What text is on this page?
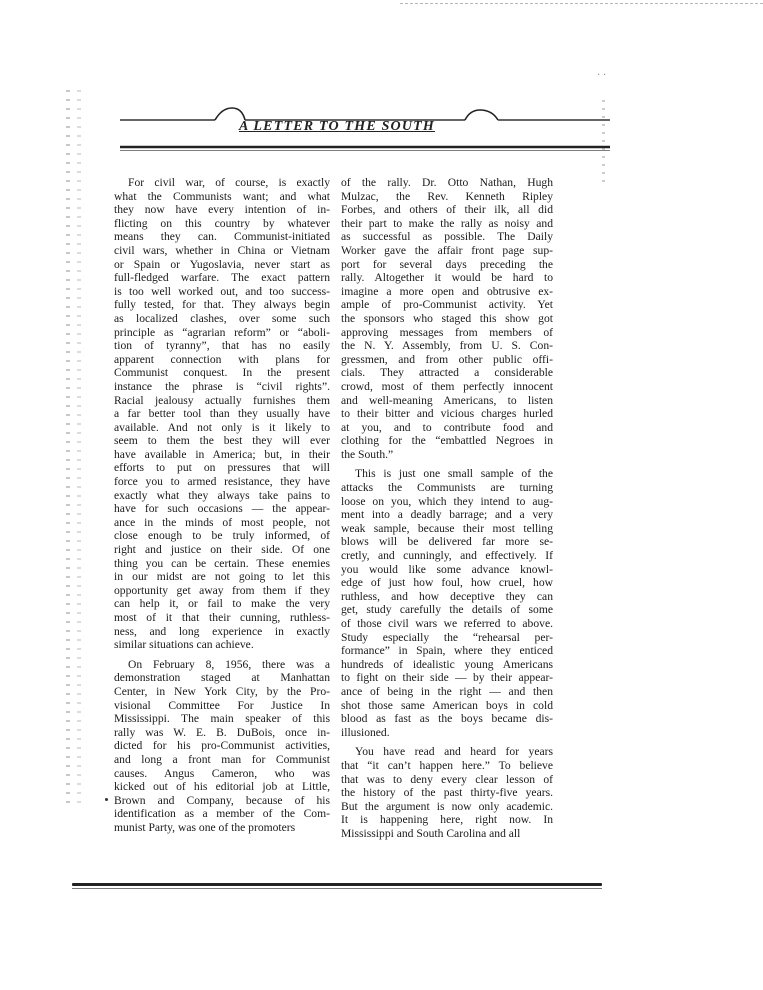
· ·
A LETTER TO THE SOUTH
For civil war, of course, is exactly
what the Communists want; and what
they now have every intention of in-
flicting on this country by whatever
means they can. Communist-initiated
civil wars, whether in China or Vietnam
or Spain or Yugoslavia, never start as
full-fledged warfare. The exact pattern
is too well worked out, and too success-
fully tested, for that. They always begin
as localized clashes, over some such
principle as “agrarian reform” or “aboli-
tion of tyranny”, that has no easily
apparent connection with plans for
Communist conquest. In the present
instance the phrase is “civil rights”.
Racial jealousy actually furnishes them
a far better tool than they usually have
available. And not only is it likely to
seem to them the best they will ever
have available in America; but, in their
efforts to put on pressures that will
force you to armed resistance, they have
exactly what they always take pains to
have for such occasions — the appear-
ance in the minds of most people, not
close enough to be truly informed, of
right and justice on their side. Of one
thing you can be certain. These enemies
in our midst are not going to let this
opportunity get away from them if they
can help it, or fail to make the very
most of it that their cunning, ruthless-
ness, and long experience in exactly
similar situations can achieve.
On February 8, 1956, there was a
demonstration staged at Manhattan
Center, in New York City, by the Pro-
visional Committee For Justice In
Mississippi. The main speaker of this
rally was W. E. B. DuBois, once in-
dicted for his pro-Communist activities,
and long a front man for Communist
causes. Angus Cameron, who was
kicked out of his editorial job at Little,
Brown and Company, because of his
identification as a member of the Com-
munist Party, was one of the promoters
of the rally. Dr. Otto Nathan, Hugh
Mulzac, the Rev. Kenneth Ripley
Forbes, and others of their ilk, all did
their part to make the rally as noisy and
as successful as possible. The Daily
Worker gave the affair front page sup-
port for several days preceding the
rally. Altogether it would be hard to
imagine a more open and obtrusive ex-
ample of pro-Communist activity. Yet
the sponsors who staged this show got
approving messages from members of
the N. Y. Assembly, from U. S. Con-
gressmen, and from other public offi-
cials. They attracted a considerable
crowd, most of them perfectly innocent
and well-meaning Americans, to listen
to their bitter and vicious charges hurled
at you, and to contribute food and
clothing for the “embattled Negroes in
the South.”
This is just one small sample of the
attacks the Communists are turning
loose on you, which they intend to aug-
ment into a deadly barrage; and a very
weak sample, because their most telling
blows will be delivered far more se-
cretly, and cunningly, and effectively. If
you would like some advance knowl-
edge of just how foul, how cruel, how
ruthless, and how deceptive they can
get, study carefully the details of some
of those civil wars we referred to above.
Study especially the “rehearsal per-
formance” in Spain, where they enticed
hundreds of idealistic young Americans
to fight on their side — by their appear-
ance of being in the right — and then
shot those same American boys in cold
blood as fast as the boys became dis-
illusioned.
You have read and heard for years
that “it can’t happen here.” To believe
that was to deny every clear lesson of
the history of the past thirty-five years.
But the argument is now only academic.
It is happening here, right now. In
Mississippi and South Carolina and all
